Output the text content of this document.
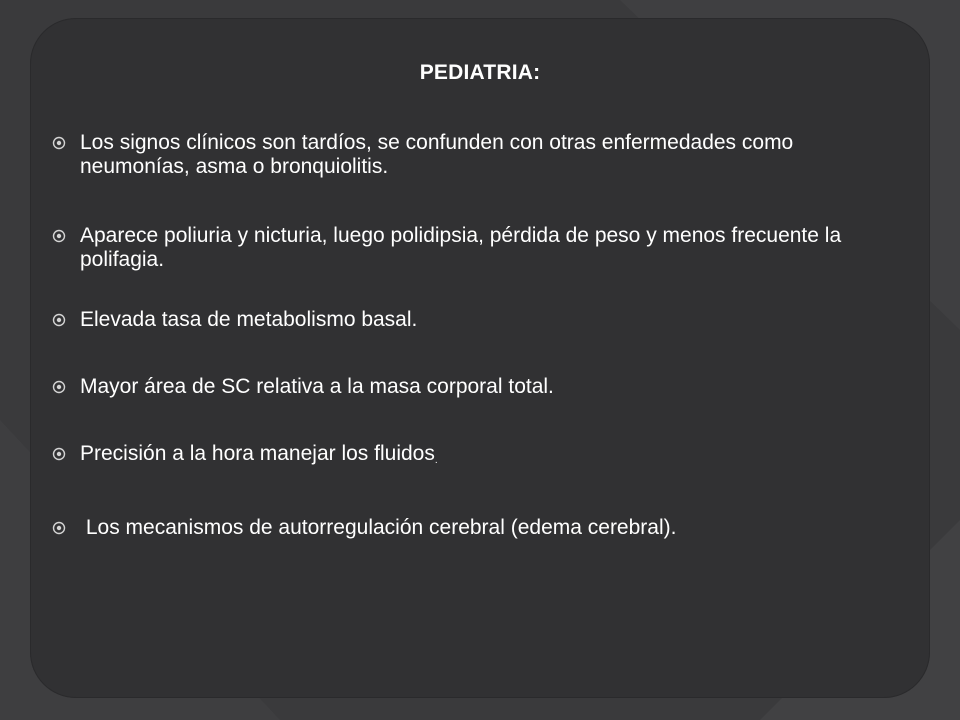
PEDIATRIA:
Los signos clínicos son tardíos, se confunden con otras enfermedades como neumonías, asma o bronquiolitis.
Aparece poliuria y nicturia, luego polidipsia, pérdida de peso y menos frecuente la polifagia.
Elevada tasa de metabolismo basal.
Mayor área de SC relativa a la masa corporal total.
Precisión a la hora manejar los fluidos$_.$
Los mecanismos de autorregulación cerebral (edema cerebral).
